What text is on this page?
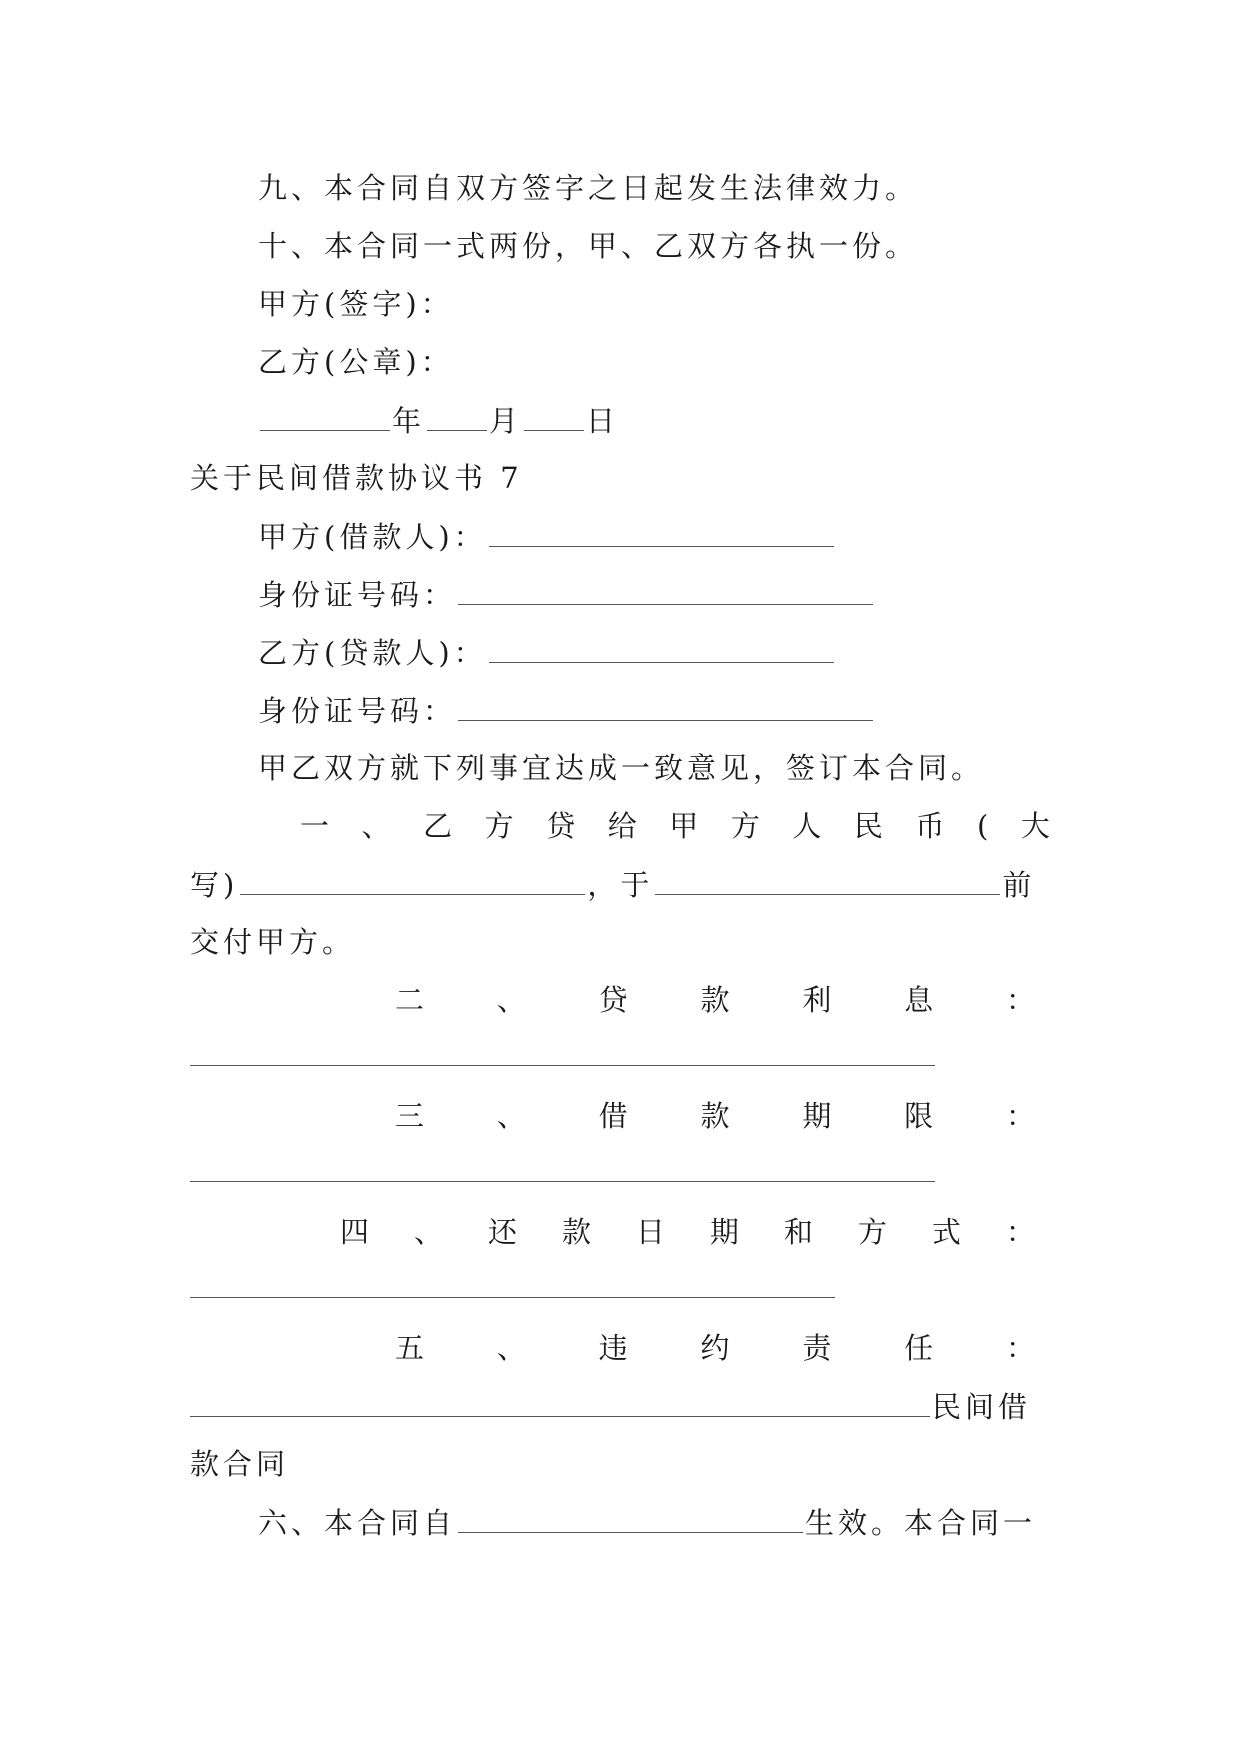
九、本合同自双方签字之日起发生法律效力。
十、本合同一式两份，甲、乙双方各执一份。
甲方(签字)：
乙方(公章)：
年 月 日
关于民间借款协议书 7
甲方(借款人)：
身份证号码：
乙方(贷款人)：
身份证号码：
甲乙双方就下列事宜达成一致意见，签订本合同。
一 、 乙 方 贷 给 甲 方 人 民 币 ( 大
写)	，于	前
交付甲方。
二	、	贷	款	利	息	：
三	、	借	款	期	限	：
四 、 还 款 日 期 和 方 式 ：
五	、	违	约	责	任	：
民间借
款合同
六、本合同自	生效。本合同一
